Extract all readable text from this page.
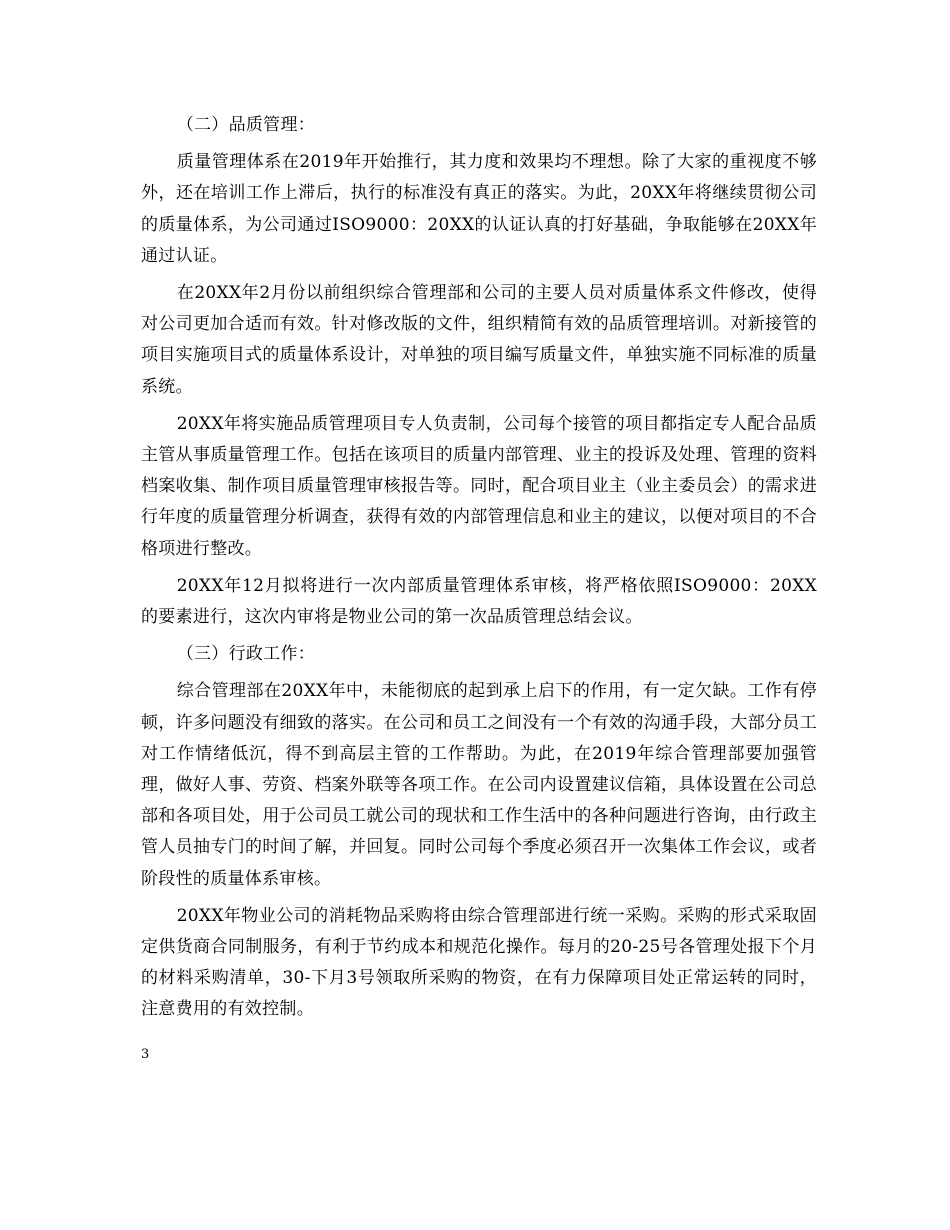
（二）品质管理：

质量管理体系在2019年开始推行，其力度和效果均不理想。除了大家的重视度不够外，还在培训工作上滞后，执行的标准没有真正的落实。为此，20XX年将继续贯彻公司的质量体系，为公司通过ISO9000：20XX的认证认真的打好基础，争取能够在20XX年通过认证。

在20XX年2月份以前组织综合管理部和公司的主要人员对质量体系文件修改，使得对公司更加合适而有效。针对修改版的文件，组织精简有效的品质管理培训。对新接管的项目实施项目式的质量体系设计，对单独的项目编写质量文件，单独实施不同标准的质量系统。

20XX年将实施品质管理项目专人负责制，公司每个接管的项目都指定专人配合品质主管从事质量管理工作。包括在该项目的质量内部管理、业主的投诉及处理、管理的资料档案收集、制作项目质量管理审核报告等。同时，配合项目业主（业主委员会）的需求进行年度的质量管理分析调查，获得有效的内部管理信息和业主的建议，以便对项目的不合格项进行整改。

20XX年12月拟将进行一次内部质量管理体系审核，将严格依照ISO9000：20XX的要素进行，这次内审将是物业公司的第一次品质管理总结会议。

（三）行政工作：

综合管理部在20XX年中，未能彻底的起到承上启下的作用，有一定欠缺。工作有停顿，许多问题没有细致的落实。在公司和员工之间没有一个有效的沟通手段，大部分员工对工作情绪低沉，得不到高层主管的工作帮助。为此，在2019年综合管理部要加强管理，做好人事、劳资、档案外联等各项工作。在公司内设置建议信箱，具体设置在公司总部和各项目处，用于公司员工就公司的现状和工作生活中的各种问题进行咨询，由行政主管人员抽专门的时间了解，并回复。同时公司每个季度必须召开一次集体工作会议，或者阶段性的质量体系审核。

20XX年物业公司的消耗物品采购将由综合管理部进行统一采购。采购的形式采取固定供货商合同制服务，有利于节约成本和规范化操作。每月的20-25号各管理处报下个月的材料采购清单，30-下月3号领取所采购的物资，在有力保障项目处正常运转的同时，注意费用的有效控制。

3
